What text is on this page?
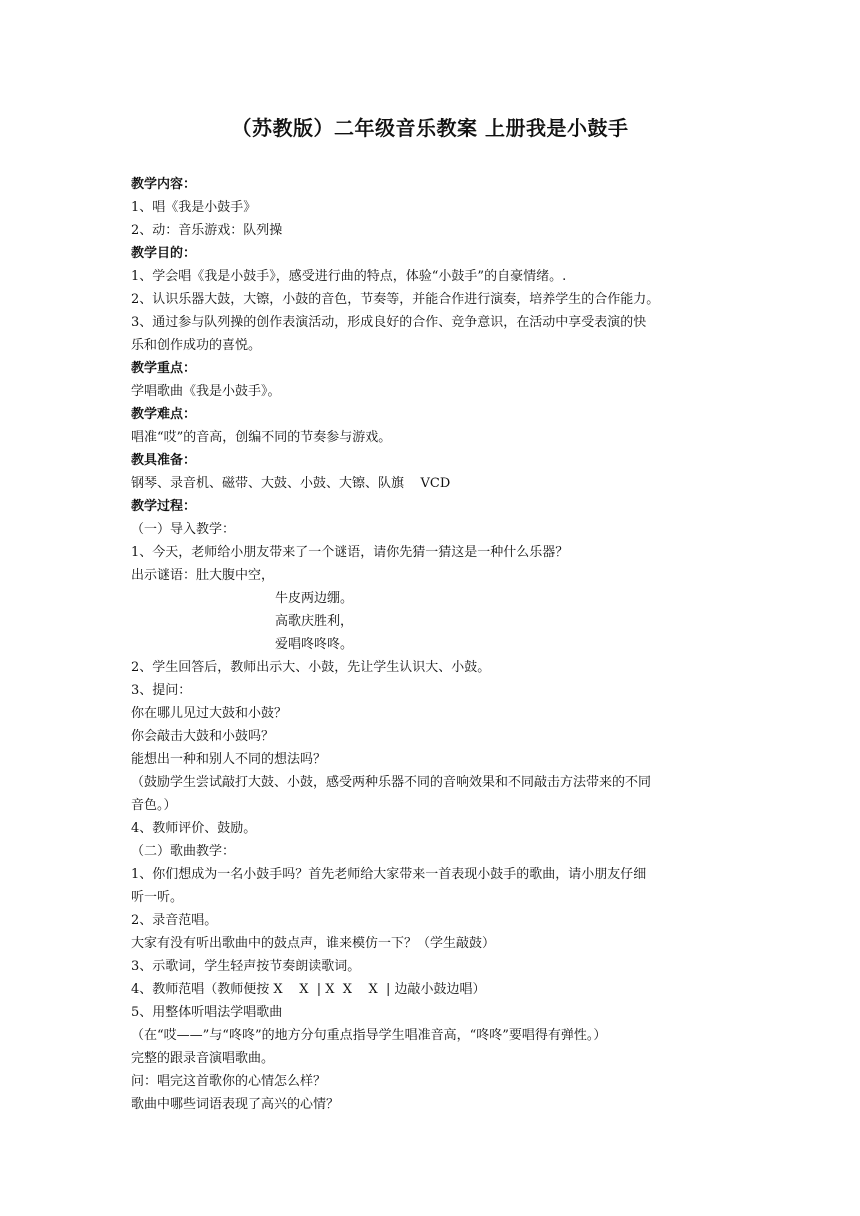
（苏教版）二年级音乐教案 上册我是小鼓手

教学内容：

1、唱《我是小鼓手》

2、动：音乐游戏：队列操

教学目的：

1、学会唱《我是小鼓手》，感受进行曲的特点，体验“小鼓手”的自豪情绪。.

2、认识乐器大鼓，大镲，小鼓的音色，节奏等，并能合作进行演奏，培养学生的合作能力。

3、通过参与队列操的创作表演活动，形成良好的合作、竞争意识，在活动中享受表演的快

乐和创作成功的喜悦。

教学重点：

学唱歌曲《我是小鼓手》。

教学难点：

唱准“哎”的音高，创编不同的节奏参与游戏。

教具准备：

钢琴、录音机、磁带、大鼓、小鼓、大镲、队旗    VCD

教学过程：

（一）导入教学：

1、今天，老师给小朋友带来了一个谜语，请你先猜一猜这是一种什么乐器？

出示谜语：肚大腹中空，

牛皮两边绷。

高歌庆胜利，

爱唱咚咚咚。

2、学生回答后，教师出示大、小鼓，先让学生认识大、小鼓。

3、提问：

你在哪儿见过大鼓和小鼓？

你会敲击大鼓和小鼓吗？

能想出一种和别人不同的想法吗？

（鼓励学生尝试敲打大鼓、小鼓，感受两种乐器不同的音响效果和不同敲击方法带来的不同

音色。）

4、教师评价、鼓励。

（二）歌曲教学：

1、你们想成为一名小鼓手吗？首先老师给大家带来一首表现小鼓手的歌曲，请小朋友仔细

听一听。

2、录音范唱。

大家有没有听出歌曲中的鼓点声，谁来模仿一下？（学生敲鼓）

3、示歌词，学生轻声按节奏朗读歌词。

4、教师范唱（教师便按 X    X  | X  X    X  | 边敲小鼓边唱）

5、用整体听唱法学唱歌曲

（在“哎——”与“咚咚”的地方分句重点指导学生唱准音高，“咚咚”要唱得有弹性。）

完整的跟录音演唱歌曲。

问：唱完这首歌你的心情怎么样？

歌曲中哪些词语表现了高兴的心情？
